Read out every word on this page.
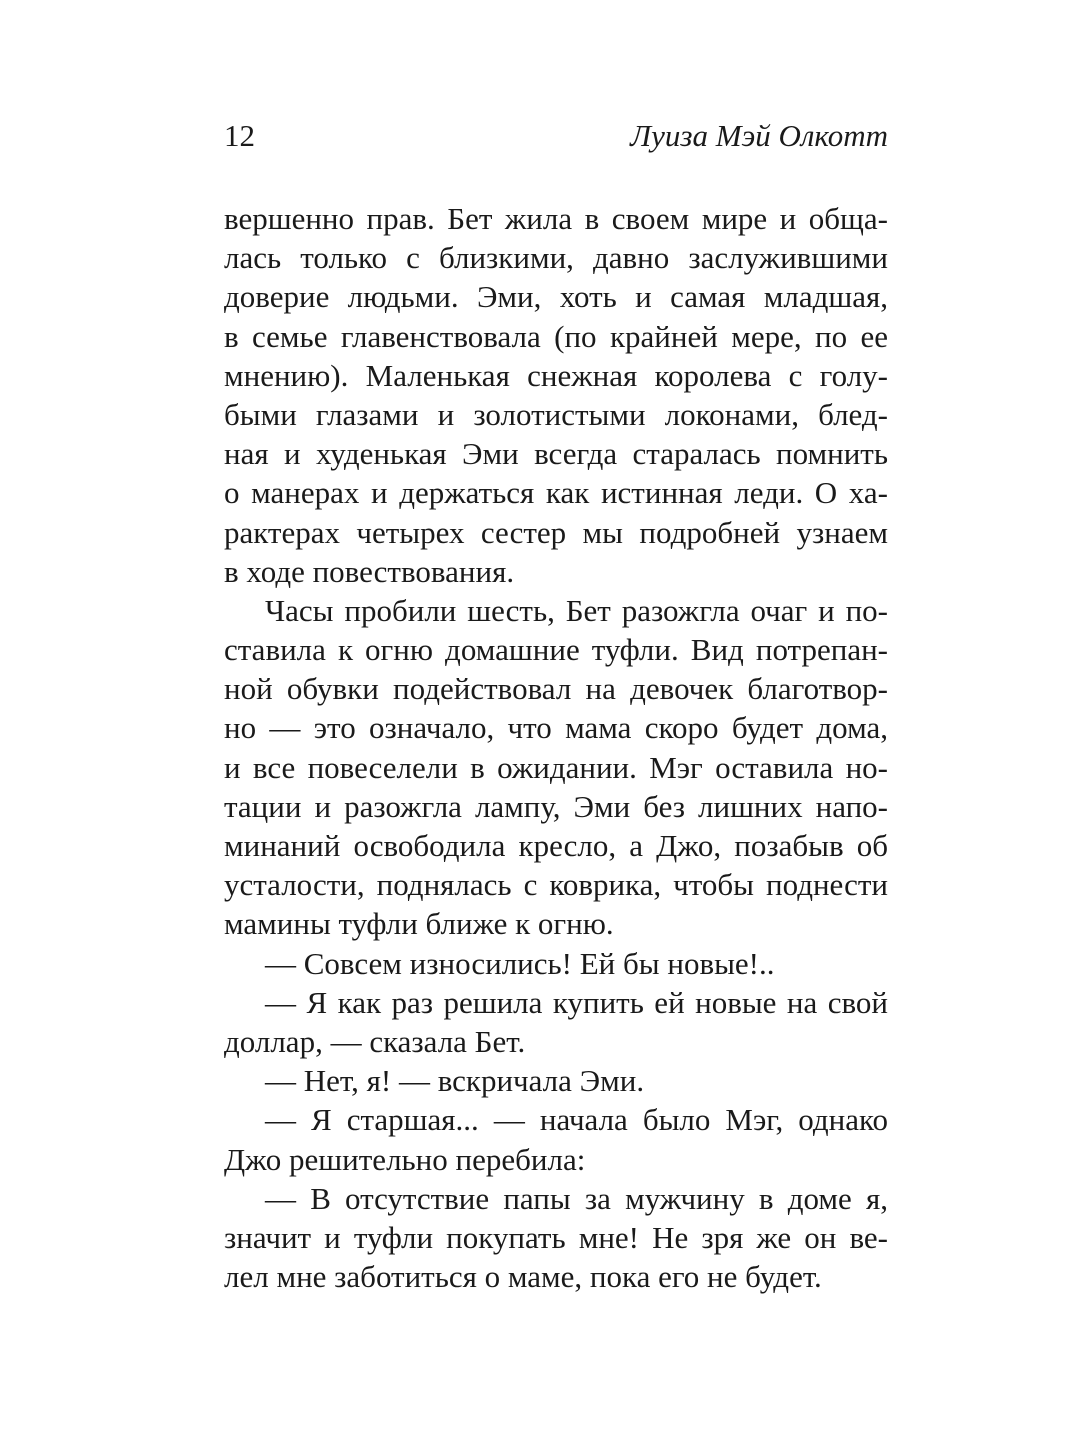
12	Луиза Мэй Олкотт
вершенно прав. Бет жила в своем мире и обща-
лась только с близкими, давно заслужившими
доверие людьми. Эми, хоть и самая младшая,
в семье главенствовала (по крайней мере, по ее
мнению). Маленькая снежная королева с голу-
быми глазами и золотистыми локонами, блед-
ная и худенькая Эми всегда старалась помнить
о манерах и держаться как истинная леди. О ха-
рактерах четырех сестер мы подробней узнаем
в ходе повествования.
Часы пробили шесть, Бет разожгла очаг и по-
ставила к огню домашние туфли. Вид потрепан-
ной обувки подействовал на девочек благотвор-
но — это означало, что мама скоро будет дома,
и все повеселели в ожидании. Мэг оставила но-
тации и разожгла лампу, Эми без лишних напо-
минаний освободила кресло, а Джо, позабыв об
усталости, поднялась с коврика, чтобы поднести
мамины туфли ближе к огню.
— Совсем износились! Ей бы новые!..
— Я как раз решила купить ей новые на свой
доллар, — сказала Бет.
— Нет, я! — вскричала Эми.
— Я старшая... — начала было Мэг, однако
Джо решительно перебила:
— В отсутствие папы за мужчину в доме я,
значит и туфли покупать мне! Не зря же он ве-
лел мне заботиться о маме, пока его не будет.
